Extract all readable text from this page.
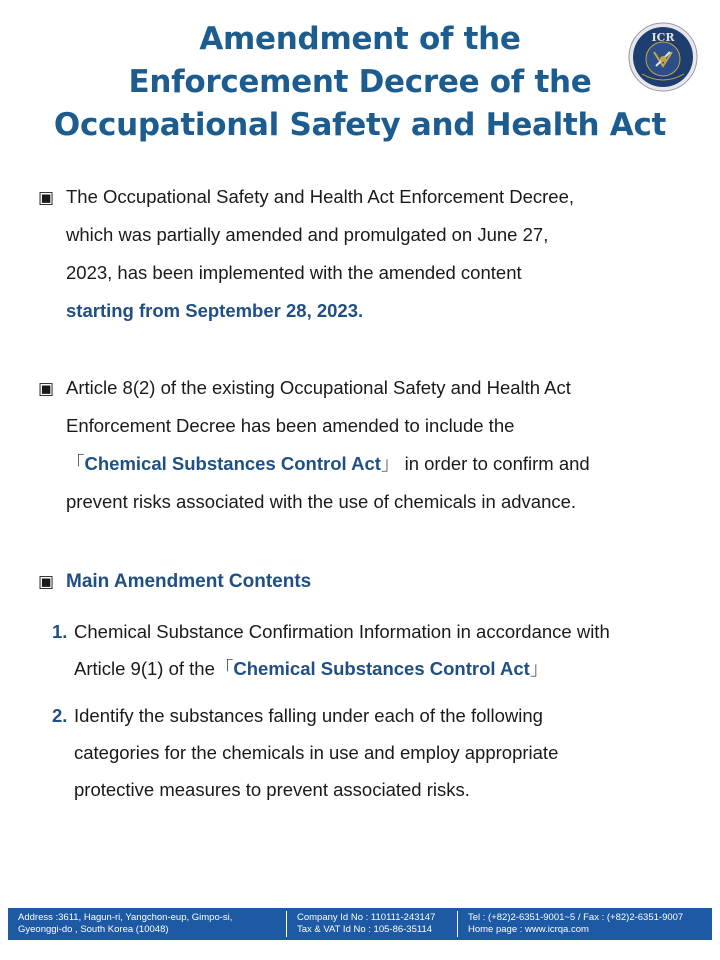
Amendment of the
Enforcement Decree of the
Occupational Safety and Health Act
ICR
▣ The Occupational Safety and Health Act Enforcement Decree,
which was partially amended and promulgated on June 27,
2023, has been implemented with the amended content
starting from September 28, 2023.
▣ Article 8(2) of the existing Occupational Safety and Health Act
Enforcement Decree has been amended to include the
「Chemical Substances Control Act」 in order to confirm and
prevent risks associated with the use of chemicals in advance.
▣ Main Amendment Contents
1. Chemical Substance Confirmation Information in accordance with
Article 9(1) of the「Chemical Substances Control Act」
2. Identify the substances falling under each of the following
categories for the chemicals in use and employ appropriate
protective measures to prevent associated risks.
Address :3611, Hagun-ri, Yangchon-eup, Gimpo-si,
Gyeonggi-do , South Korea (10048)
Company Id No : 110111-243147
Tax & VAT Id No : 105-86-35114
Tel : (+82)2-6351-9001~5 / Fax : (+82)2-6351-9007
Home page : www.icrqa.com
